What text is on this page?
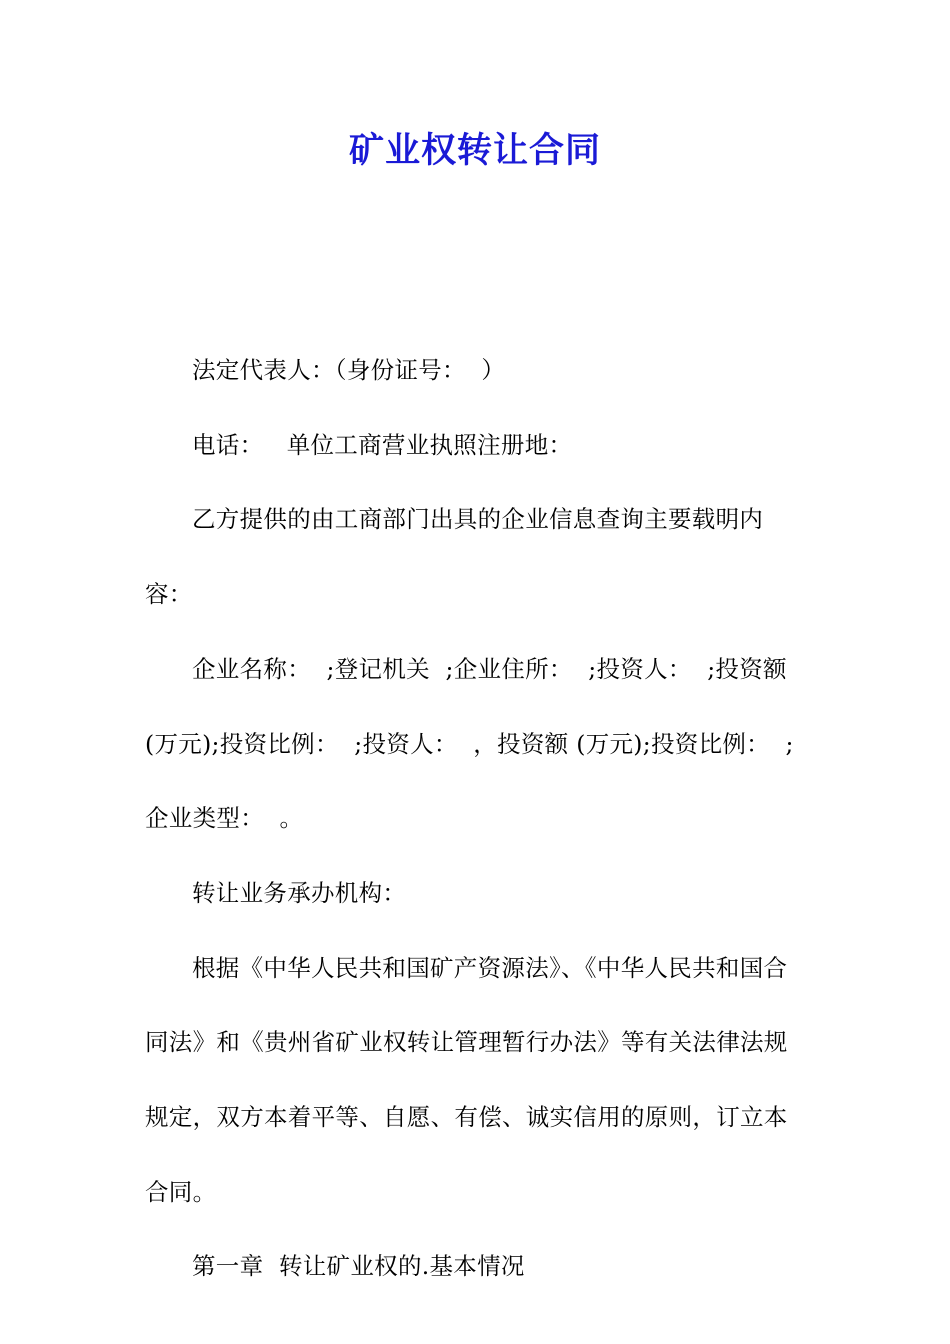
矿业权转让合同

法定代表人：（身份证号：  ）

电话：   单位工商营业执照注册地：

乙方提供的由工商部门出具的企业信息查询主要载明内容：

企业名称：  ;登记机关  ;企业住所：  ;投资人：  ;投资额(万元);投资比例：  ;投资人：  ，投资额 (万元);投资比例：  ;企业类型：  。

转让业务承办机构：

根据《中华人民共和国矿产资源法》、《中华人民共和国合同法》和《贵州省矿业权转让管理暂行办法》等有关法律法规规定，双方本着平等、自愿、有偿、诚实信用的原则，订立本合同。

第一章  转让矿业权的.基本情况
